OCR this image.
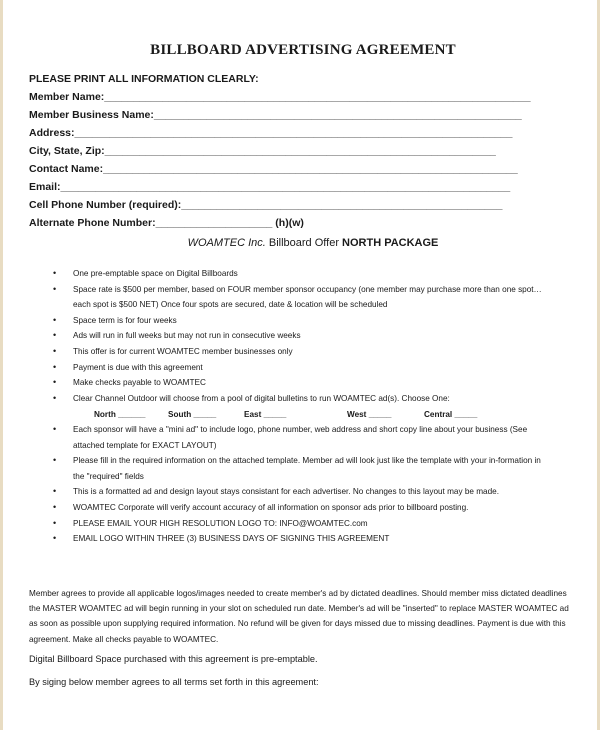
BILLBOARD ADVERTISING AGREEMENT
PLEASE PRINT ALL INFORMATION CLEARLY:
Member Name:_________________________________________________________________________
Member Business Name:_______________________________________________________________
Address:___________________________________________________________________________
City, State, Zip:___________________________________________________________________
Contact Name:_______________________________________________________________________
Email:_____________________________________________________________________________
Cell Phone Number (required):_______________________________________________________
Alternate Phone Number:____________________ (h)(w)
WOAMTEC Inc. Billboard Offer NORTH PACKAGE
• One pre-emptable space on Digital Billboards
• Space rate is $500 per member, based on FOUR member sponsor occupancy (one member may purchase more than one spot…each spot is $500 NET) Once four spots are secured, date & location will be scheduled
• Space term is for four weeks
• Ads will run in full weeks but may not run in consecutive weeks
• This offer is for current WOAMTEC member businesses only
• Payment is due with this agreement
• Make checks payable to WOAMTEC
• Clear Channel Outdoor will choose from a pool of digital bulletins to run WOAMTEC ad(s). Choose One:
• Each sponsor will have a "mini ad" to include logo, phone number, web address and short copy line about your business (See attached template for EXACT LAYOUT)
• Please fill in the required information on the attached template. Member ad will look just like the template with your in-formation in the "required" fields
• This is a formatted ad and design layout stays consistant for each advertiser. No changes to this layout may be made.
• WOAMTEC Corporate will verify account accuracy of all information on sponsor ads prior to billboard posting.
• PLEASE EMAIL YOUR HIGH RESOLUTION LOGO TO: INFO@WOAMTEC.com
• EMAIL LOGO WITHIN THREE (3) BUSINESS DAYS OF SIGNING THIS AGREEMENT
North ______	South _____	East _____	West _____	Central _____
Member agrees to provide all applicable logos/images needed to create member's ad by dictated deadlines. Should member miss dictated deadlines the MASTER WOAMTEC ad will begin running in your slot on scheduled run date. Member's ad will be "inserted" to replace MASTER WOAMTEC ad as soon as possible upon supplying required information. No refund will be given for days missed due to missing deadlines. Payment is due with this agreement. Make all checks payable to WOAMTEC.
Digital Billboard Space purchased with this agreement is pre-emptable.
By siging below member agrees to all terms set forth in this agreement:
